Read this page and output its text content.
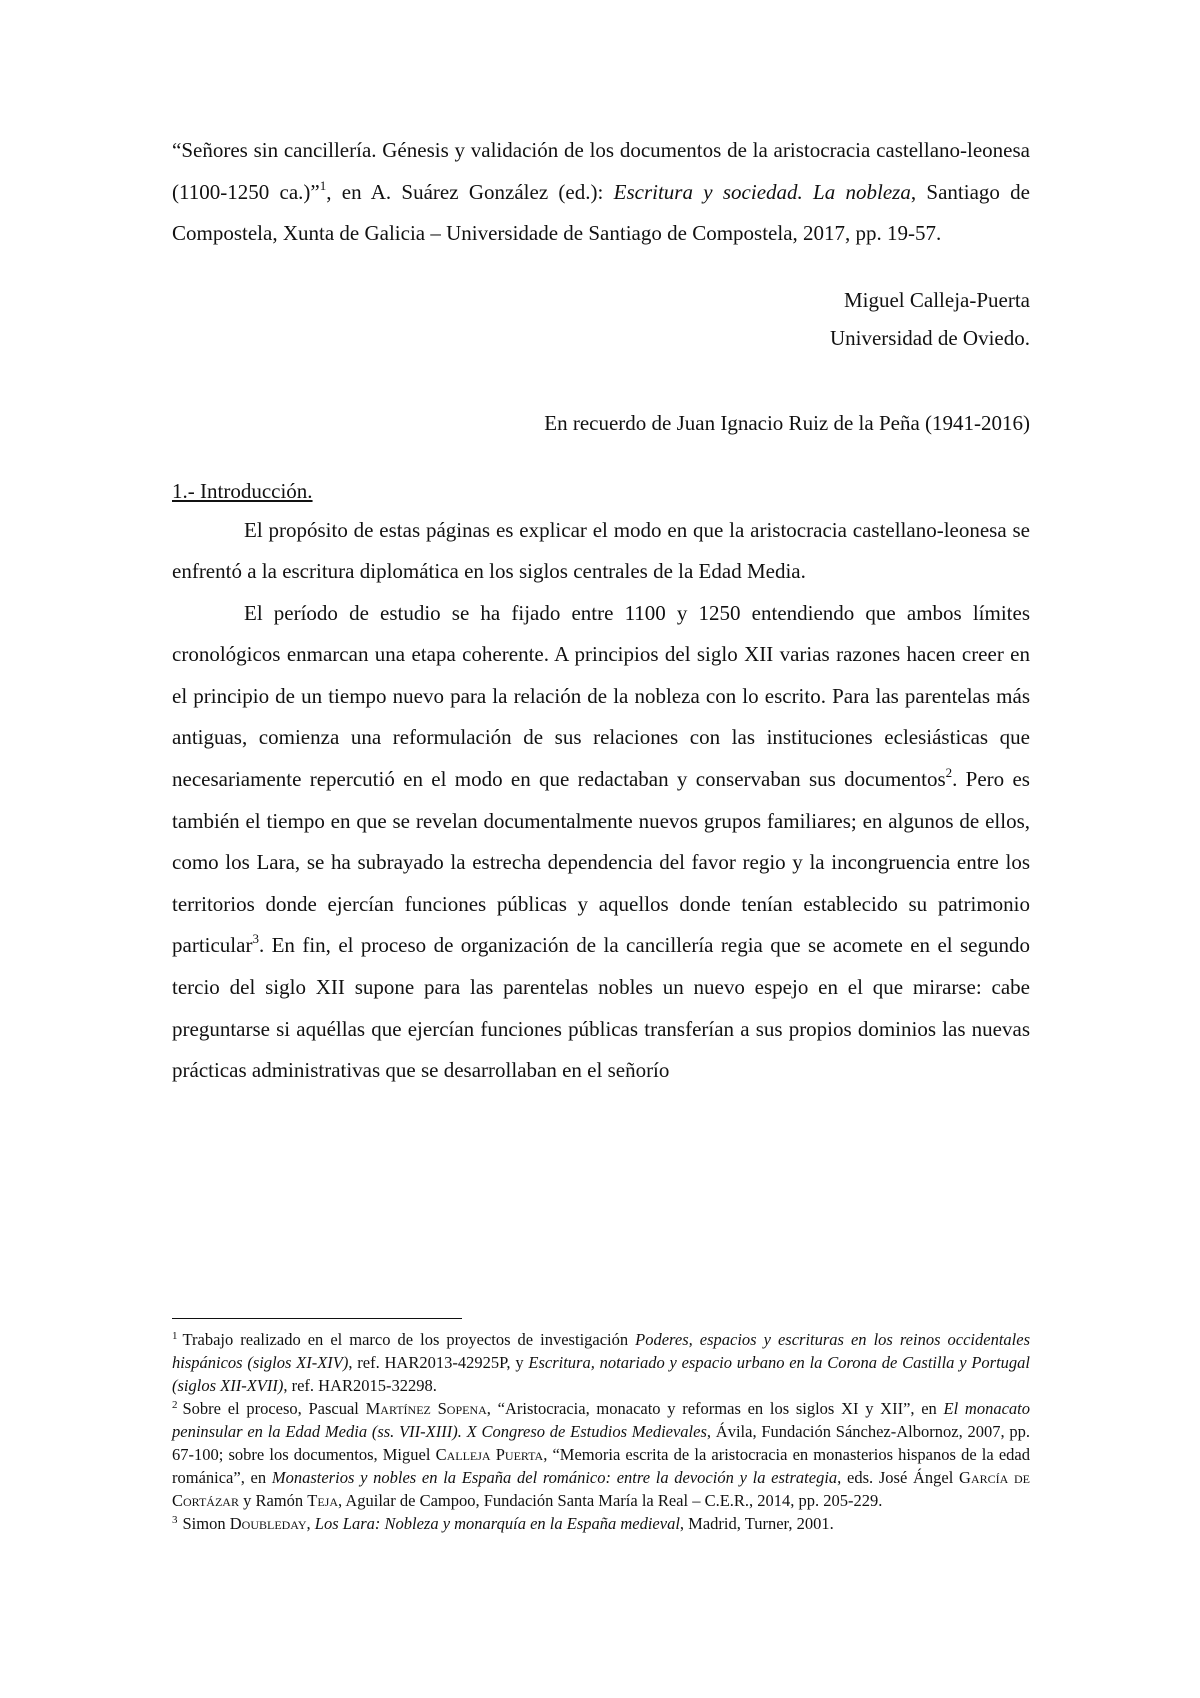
“Señores sin cancillería. Génesis y validación de los documentos de la aristocracia castellano-leonesa (1100-1250 ca.)”$^1$, en A. Suárez González (ed.): Escritura y sociedad. La nobleza, Santiago de Compostela, Xunta de Galicia – Universidade de Santiago de Compostela, 2017, pp. 19-57.

Miguel Calleja-Puerta
Universidad de Oviedo.
En recuerdo de Juan Ignacio Ruiz de la Peña (1941-2016)
1.- Introducción.

El propósito de estas páginas es explicar el modo en que la aristocracia castellano-leonesa se enfrentó a la escritura diplomática en los siglos centrales de la Edad Media.

El período de estudio se ha fijado entre 1100 y 1250 entendiendo que ambos límites cronológicos enmarcan una etapa coherente. A principios del siglo XII varias razones hacen creer en el principio de un tiempo nuevo para la relación de la nobleza con lo escrito. Para las parentelas más antiguas, comienza una reformulación de sus relaciones con las instituciones eclesiásticas que necesariamente repercutió en el modo en que redactaban y conservaban sus documentos$^2$. Pero es también el tiempo en que se revelan documentalmente nuevos grupos familiares; en algunos de ellos, como los Lara, se ha subrayado la estrecha dependencia del favor regio y la incongruencia entre los territorios donde ejercían funciones públicas y aquellos donde tenían establecido su patrimonio particular$^3$. En fin, el proceso de organización de la cancillería regia que se acomete en el segundo tercio del siglo XII supone para las parentelas nobles un nuevo espejo en el que mirarse: cabe preguntarse si aquéllas que ejercían funciones públicas transferían a sus propios dominios las nuevas prácticas administrativas que se desarrollaban en el señorío

$^1$ Trabajo realizado en el marco de los proyectos de investigación Poderes, espacios y escrituras en los reinos occidentales hispánicos (siglos XI-XIV), ref. HAR2013-42925P, y Escritura, notariado y espacio urbano en la Corona de Castilla y Portugal (siglos XII-XVII), ref. HAR2015-32298.

$^2$ Sobre el proceso, Pascual Martínez Sopena, “Aristocracia, monacato y reformas en los siglos XI y XII”, en El monacato peninsular en la Edad Media (ss. VII-XIII). X Congreso de Estudios Medievales, Ávila, Fundación Sánchez-Albornoz, 2007, pp. 67-100; sobre los documentos, Miguel Calleja Puerta, “Memoria escrita de la aristocracia en monasterios hispanos de la edad románica”, en Monasterios y nobles en la España del románico: entre la devoción y la estrategia, eds. José Ángel García de Cortázar y Ramón Teja, Aguilar de Campoo, Fundación Santa María la Real – C.E.R., 2014, pp. 205-229.

$^3$ Simon Doubleday, Los Lara: Nobleza y monarquía en la España medieval, Madrid, Turner, 2001.
